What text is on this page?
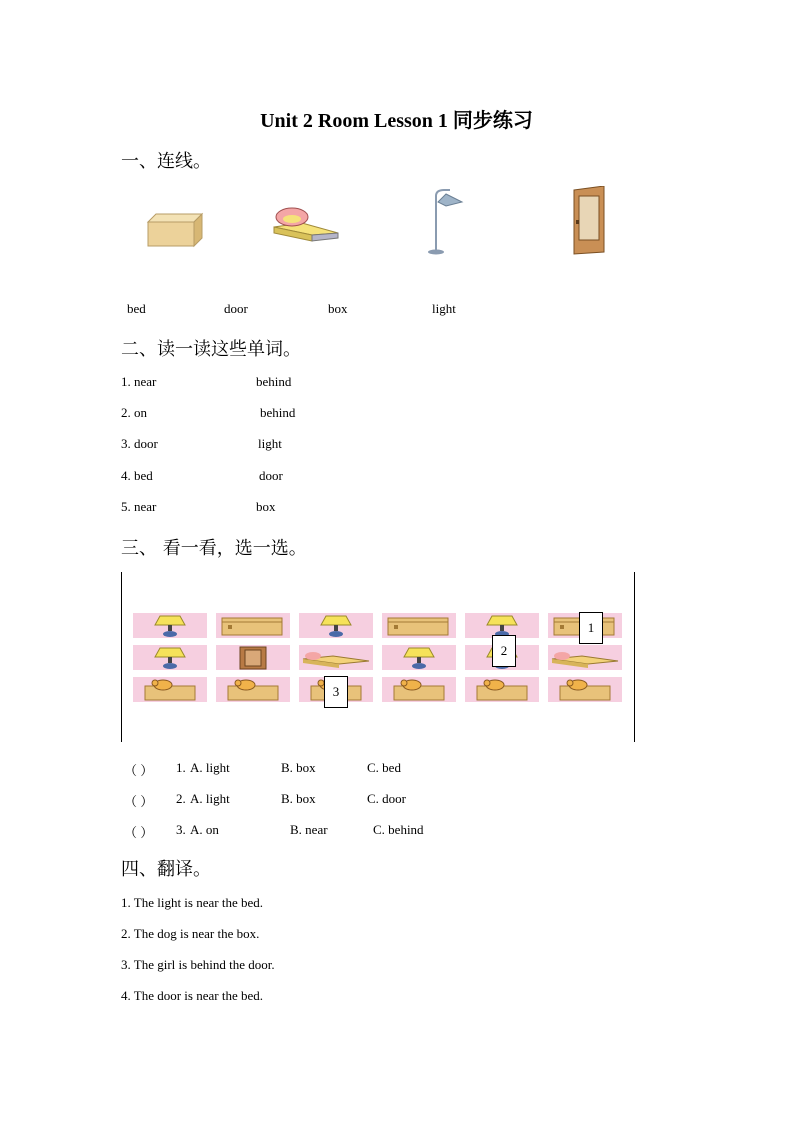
Unit 2 Room Lesson 1 同步练习
一、连线。
bed	door	box	light
二、读一读这些单词。
1. near	behind
2. on	behind
3. door	light
4. bed	door
5. near	box
三、 看一看，选一选。
1
2
3
（ ） 1. A. light	B. box	C. bed
（ ） 2. A. light	B. box	C. door
（ ） 3. A. on	B. near	C. behind
四、翻译。
1. The light is near the bed.
2. The dog is near the box.
3. The girl is behind the door.
4. The door is near the bed.
